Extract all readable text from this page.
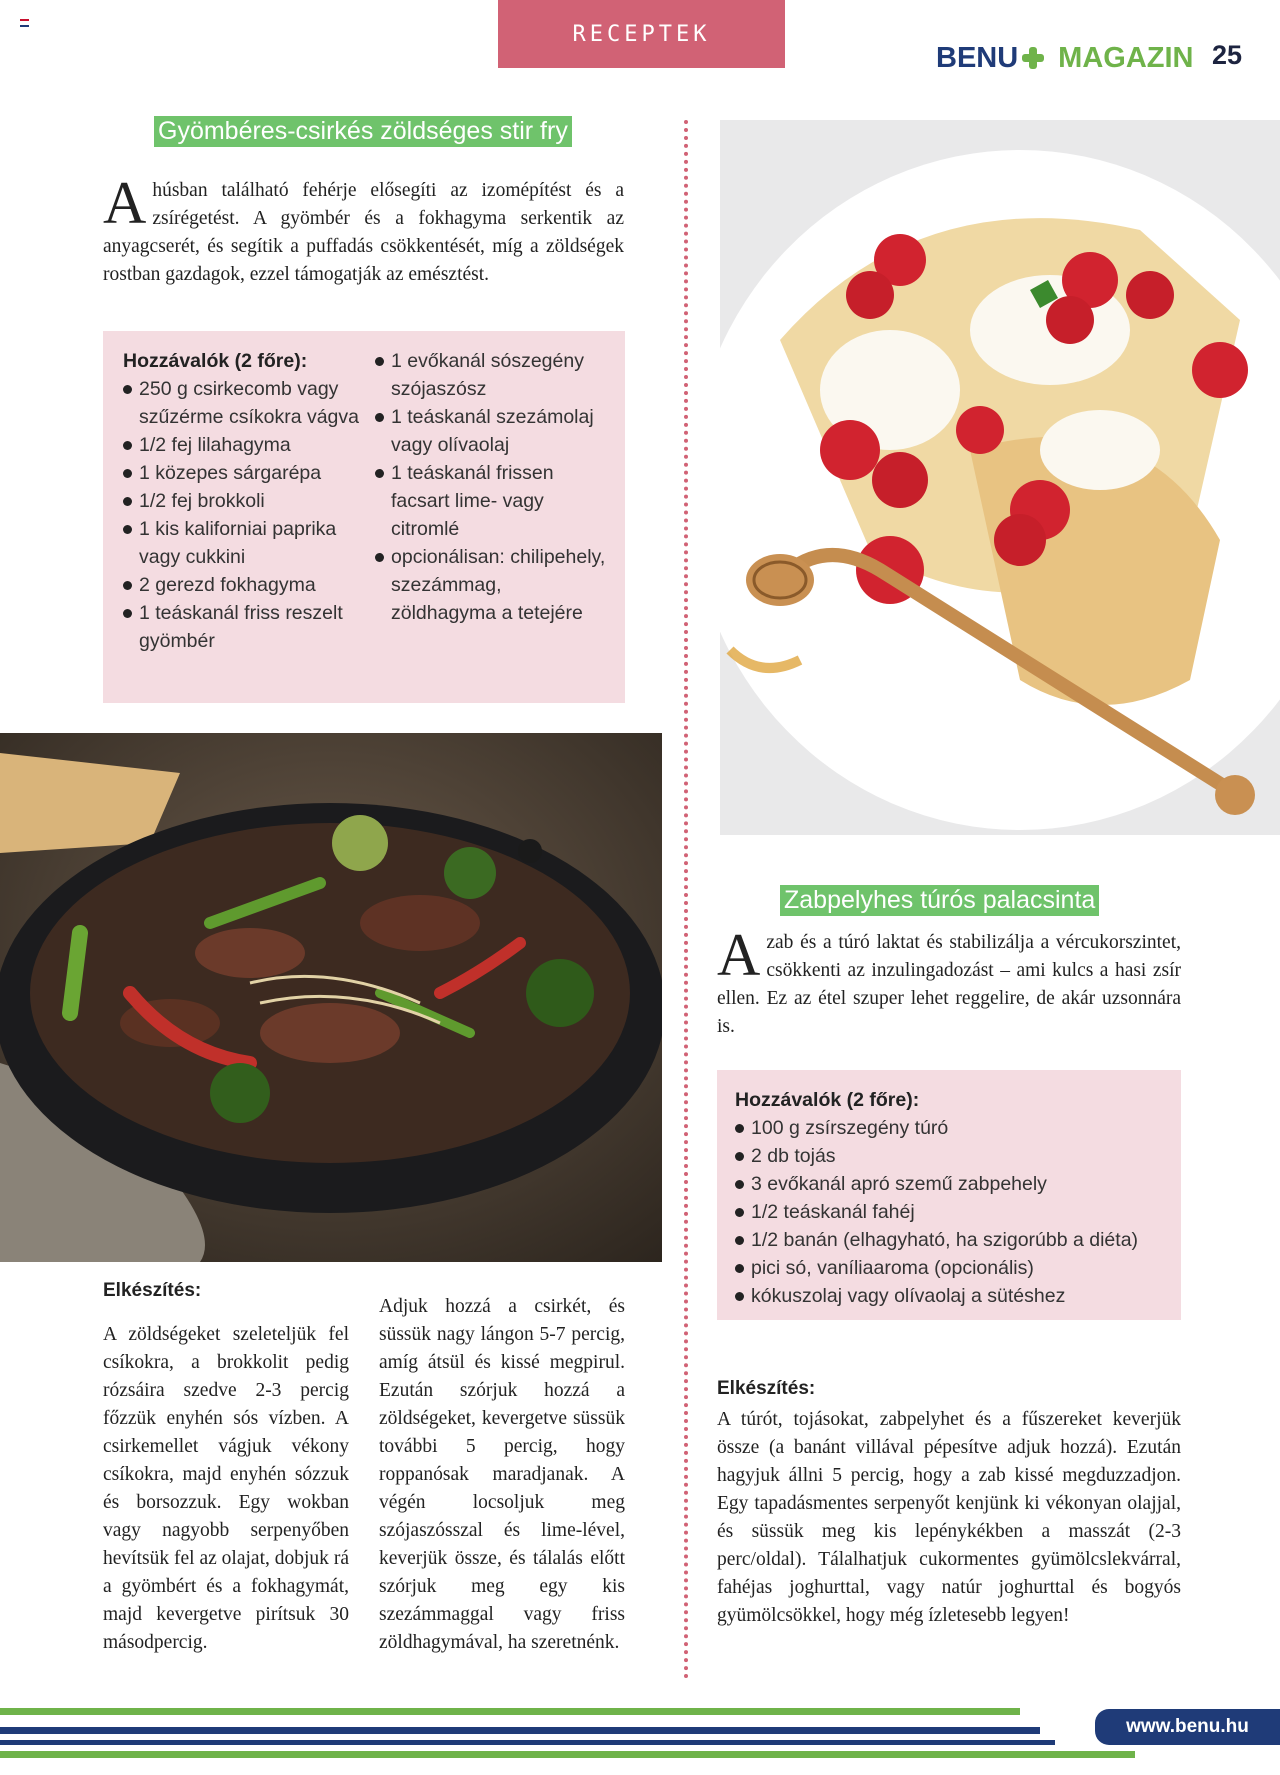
RECEPTEK
BENU MAGAZIN 25
Gyömbéres-csirkés zöldséges stir fry
A húsban található fehérje elősegíti az izomépítést és a zsírégetést. A gyömbér és a fokhagyma serkentik az anyagcserét, és segítik a puffadás csökkentését, míg a zöldségek rostban gazdagok, ezzel támogatják az emésztést.
Hozzávalók (2 főre):
250 g csirkecomb vagy szűzérme csíkokra vágva
1/2 fej lilahagyma
1 közepes sárgarépa
1/2 fej brokkoli
1 kis kaliforniai paprika vagy cukkini
2 gerezd fokhagyma
1 teáskanál friss reszelt gyömbér
1 evőkanál sószegény szójaszósz
1 teáskanál szezámolaj vagy olívaolaj
1 teáskanál frissen facsart lime- vagy citromlé
opcionálisan: chilipehely, szezámmag, zöldhagyma a tetejére
Elkészítés:
A zöldségeket szeleteljük fel csíkokra, a brokkolit pedig rózsáira szedve 2-3 percig főzzük enyhén sós vízben. A csirkemellet vágjuk vékony csíkokra, majd enyhén sózzuk és borsozzuk. Egy wokban vagy nagyobb serpenyőben hevítsük fel az olajat, dobjuk rá a gyömbért és a fokhagymát, majd kevergetve pirítsuk 30 másodpercig.
Adjuk hozzá a csirkét, és süssük nagy lángon 5-7 percig, amíg átsül és kissé megpirul. Ezután szórjuk hozzá a zöldségeket, kevergetve süssük további 5 percig, hogy roppanósak maradjanak. A végén locsoljuk meg szójaszósszal és lime-lével, keverjük össze, és tálalás előtt szórjuk meg egy kis szezámmaggal vagy friss zöldhagymával, ha szeretnénk.
Zabpelyhes túrós palacsinta
A zab és a túró laktat és stabilizálja a vércukorszintet, csökkenti az inzulingadozást – ami kulcs a hasi zsír ellen. Ez az étel szuper lehet reggelire, de akár uzsonnára is.
Hozzávalók (2 főre):
100 g zsírszegény túró
2 db tojás
3 evőkanál apró szemű zabpehely
1/2 teáskanál fahéj
1/2 banán (elhagyható, ha szigorúbb a diéta)
pici só, vaníliaaroma (opcionális)
kókuszolaj vagy olívaolaj a sütéshez
Elkészítés:
A túrót, tojásokat, zabpelyhet és a fűszereket keverjük össze (a banánt villával pépesítve adjuk hozzá). Ezután hagyjuk állni 5 percig, hogy a zab kissé megduzzadjon. Egy tapadásmentes serpenyőt kenjünk ki vékonyan olajjal, és süssük meg kis lepénykékben a masszát (2-3 perc/oldal). Tálalhatjuk cukormentes gyümölcslekvárral, fahéjas joghurttal, vagy natúr joghurttal és bogyós gyümölcsökkel, hogy még ízletesebb legyen!
www.benu.hu
